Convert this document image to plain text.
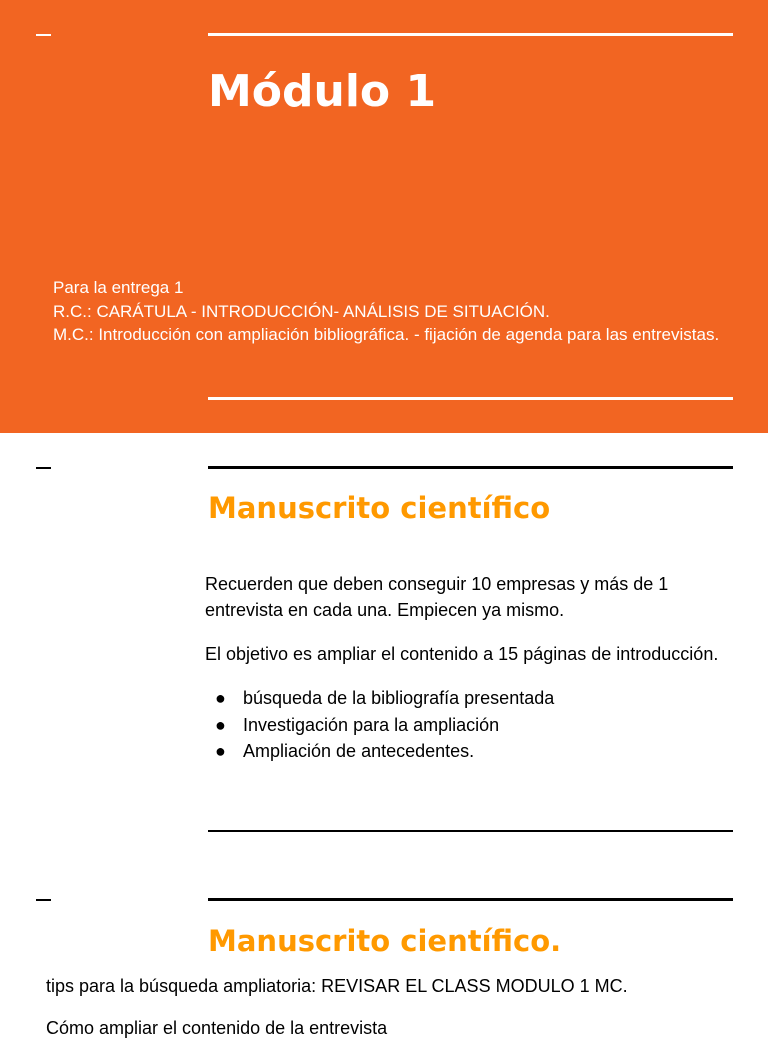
Módulo 1
Para la entrega 1
R.C.: CARÁTULA - INTRODUCCIÓN- ANÁLISIS DE SITUACIÓN.
M.C.: Introducción con ampliación bibliográfica. - fijación de agenda para las entrevistas.
Manuscrito científico

Recuerden que deben conseguir 10 empresas y más de 1 entrevista en cada una. Empiecen ya mismo.

El objetivo es ampliar el contenido a 15 páginas de introducción.

● búsqueda de la bibliografía presentada
● Investigación para la ampliación
● Ampliación de antecedentes.
Manuscrito científico.

tips para la búsqueda ampliatoria: REVISAR EL CLASS MODULO 1 MC.

Cómo ampliar el contenido de la entrevista
